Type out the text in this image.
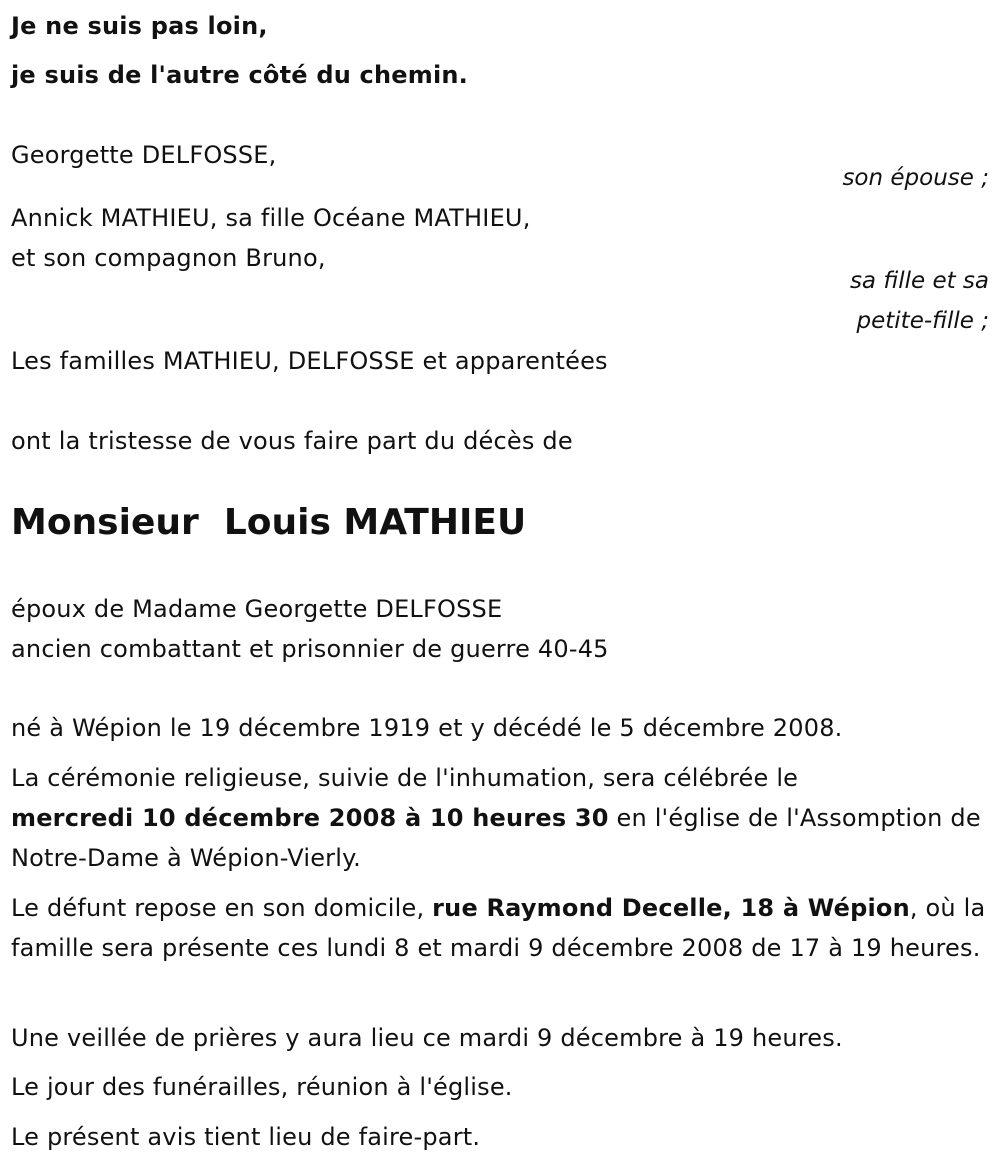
Je ne suis pas loin,

je suis de l'autre côté du chemin.

Georgette DELFOSSE,

son épouse ;

Annick MATHIEU, sa fille Océane MATHIEU,

et son compagnon Bruno,

sa fille et sa

petite-fille ;

Les familles MATHIEU, DELFOSSE et apparentées

ont la tristesse de vous faire part du décès de

Monsieur  Louis MATHIEU

époux de Madame Georgette DELFOSSE

ancien combattant et prisonnier de guerre 40-45

né à Wépion le 19 décembre 1919 et y décédé le 5 décembre 2008.

La cérémonie religieuse, suivie de l'inhumation, sera célébrée le
mercredi 10 décembre 2008 à 10 heures 30 en l'église de l'Assomption de Notre-Dame à Wépion-Vierly.

Le défunt repose en son domicile, rue Raymond Decelle, 18 à Wépion, où la famille sera présente ces lundi 8 et mardi 9 décembre 2008 de 17 à 19 heures.

Une veillée de prières y aura lieu ce mardi 9 décembre à 19 heures.

Le jour des funérailles, réunion à l'église.

Le présent avis tient lieu de faire-part.
